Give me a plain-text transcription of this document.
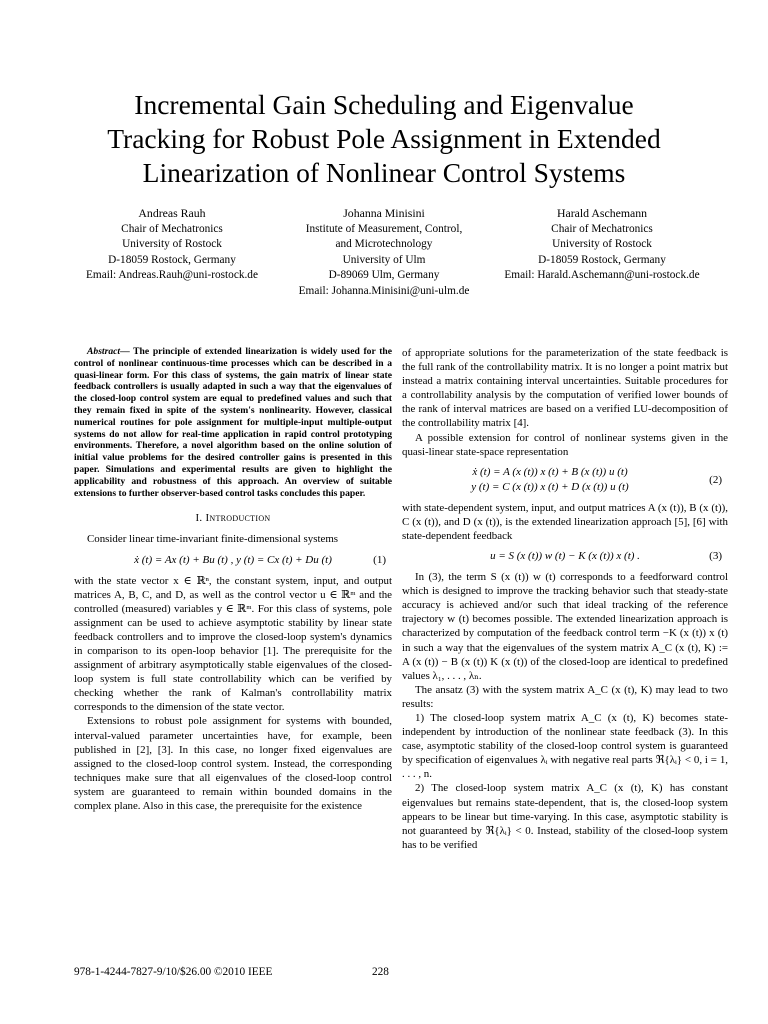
Incremental Gain Scheduling and Eigenvalue
Tracking for Robust Pole Assignment in Extended
Linearization of Nonlinear Control Systems
Andreas Rauh
Chair of Mechatronics
University of Rostock
D-18059 Rostock, Germany
Email: Andreas.Rauh@uni-rostock.de
Johanna Minisini
Institute of Measurement, Control,
and Microtechnology
University of Ulm
D-89069 Ulm, Germany
Email: Johanna.Minisini@uni-ulm.de
Harald Aschemann
Chair of Mechatronics
University of Rostock
D-18059 Rostock, Germany
Email: Harald.Aschemann@uni-rostock.de

Abstract— The principle of extended linearization is widely used for the control of nonlinear continuous-time processes which can be described in a quasi-linear form. For this class of systems, the gain matrix of linear state feedback controllers is usually adapted in such a way that the eigenvalues of the closed-loop control system are equal to predefined values and such that they remain fixed in spite of the system's nonlinearity. However, classical numerical routines for pole assignment for multiple-input multiple-output systems do not allow for real-time application in rapid control prototyping environments. Therefore, a novel algorithm based on the online solution of initial value problems for the desired controller gains is presented in this paper. Simulations and experimental results are given to highlight the applicability and robustness of this approach. An overview of suitable extensions to further observer-based control tasks concludes this paper.

I. Introduction

Consider linear time-invariant finite-dimensional systems

ẋ (t) = Ax (t) + Bu (t) , y (t) = Cx (t) + Du (t)	(1)

with the state vector x ∈ ℝⁿ, the constant system, input, and output matrices A, B, C, and D, as well as the control vector u ∈ ℝᵐ and the controlled (measured) variables y ∈ ℝᵐ. For this class of systems, pole assignment can be used to achieve asymptotic stability by linear state feedback controllers and to improve the closed-loop system's dynamics in comparison to its open-loop behavior [1]. The prerequisite for the assignment of arbitrary asymptotically stable eigenvalues of the closed-loop system is full state controllability which can be verified by checking whether the rank of Kalman's controllability matrix corresponds to the dimension of the state vector.

Extensions to robust pole assignment for systems with bounded, interval-valued parameter uncertainties have, for example, been published in [2], [3]. In this case, no longer fixed eigenvalues are assigned to the closed-loop control system. Instead, the corresponding techniques make sure that all eigenvalues of the closed-loop control system are guaranteed to remain within bounded domains in the complex plane. Also in this case, the prerequisite for the existence

of appropriate solutions for the parameterization of the state feedback is the full rank of the controllability matrix. It is no longer a point matrix but instead a matrix containing interval uncertainties. Suitable procedures for a controllability analysis by the computation of verified lower bounds of the rank of interval matrices are based on a verified LU-decomposition of the controllability matrix [4].

A possible extension for control of nonlinear systems given in the quasi-linear state-space representation

ẋ (t) = A (x (t)) x (t) + B (x (t)) u (t)
y (t) = C (x (t)) x (t) + D (x (t)) u (t)
(2)

with state-dependent system, input, and output matrices A (x (t)), B (x (t)), C (x (t)), and D (x (t)), is the extended linearization approach [5], [6] with state-dependent feedback

u = S (x (t)) w (t) − K (x (t)) x (t) .	(3)

In (3), the term S (x (t)) w (t) corresponds to a feedforward control which is designed to improve the tracking behavior such that steady-state accuracy is achieved and/or such that ideal tracking of the reference trajectory w (t) becomes possible. The extended linearization approach is characterized by computation of the feedback control term −K (x (t)) x (t) in such a way that the eigenvalues of the system matrix A_C (x (t), K) := A (x (t)) − B (x (t)) K (x (t)) of the closed-loop are identical to predefined values λ₁, . . . , λₙ.

The ansatz (3) with the system matrix A_C (x (t), K) may lead to two results:

1) The closed-loop system matrix A_C (x (t), K) becomes state-independent by introduction of the nonlinear state feedback (3). In this case, asymptotic stability of the closed-loop control system is guaranteed by specification of eigenvalues λᵢ with negative real parts ℜ{λᵢ} < 0, i = 1, . . . , n.

2) The closed-loop system matrix A_C (x (t), K) has constant eigenvalues but remains state-dependent, that is, the closed-loop system appears to be linear but time-varying. In this case, asymptotic stability is not guaranteed by ℜ{λᵢ} < 0. Instead, stability of the closed-loop system has to be verified

978-1-4244-7827-9/10/$26.00 ©2010 IEEE	228
